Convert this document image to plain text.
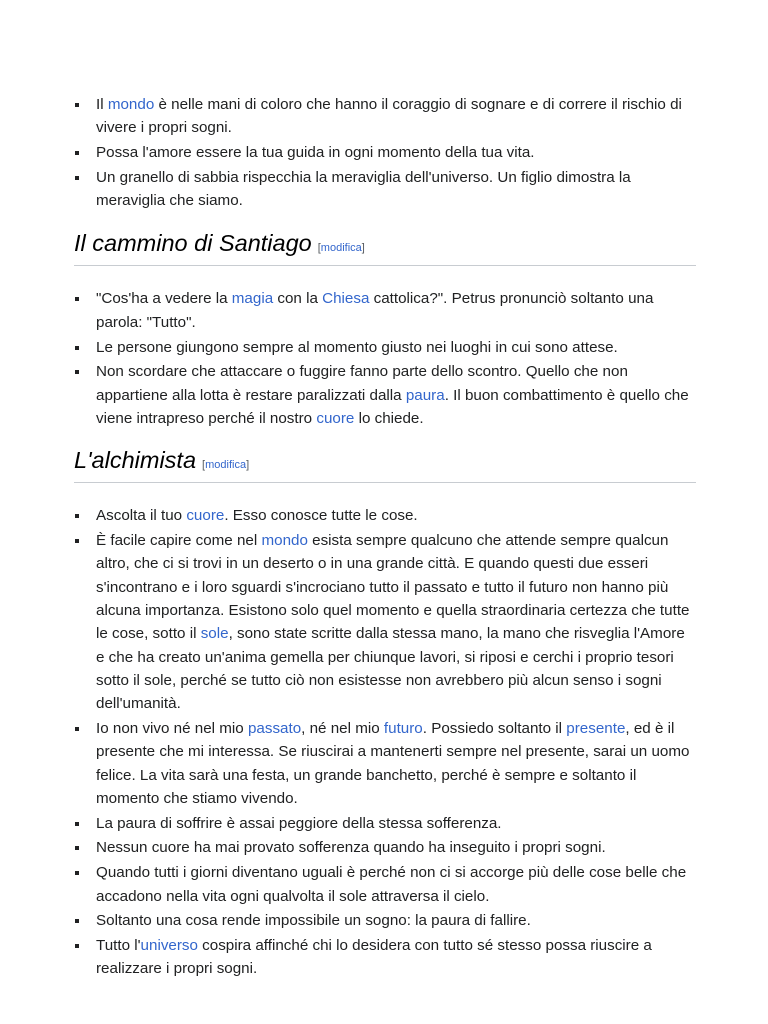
Il mondo è nelle mani di coloro che hanno il coraggio di sognare e di correre il rischio di vivere i propri sogni.
Possa l'amore essere la tua guida in ogni momento della tua vita.
Un granello di sabbia rispecchia la meraviglia dell'universo. Un figlio dimostra la meraviglia che siamo.
Il cammino di Santiago [modifica]
"Cos'ha a vedere la magia con la Chiesa cattolica?". Petrus pronunciò soltanto una parola: "Tutto".
Le persone giungono sempre al momento giusto nei luoghi in cui sono attese.
Non scordare che attaccare o fuggire fanno parte dello scontro. Quello che non appartiene alla lotta è restare paralizzati dalla paura. Il buon combattimento è quello che viene intrapreso perché il nostro cuore lo chiede.
L'alchimista [modifica]
Ascolta il tuo cuore. Esso conosce tutte le cose.
È facile capire come nel mondo esista sempre qualcuno che attende sempre qualcun altro, che ci si trovi in un deserto o in una grande città. E quando questi due esseri s'incontrano e i loro sguardi s'incrociano tutto il passato e tutto il futuro non hanno più alcuna importanza. Esistono solo quel momento e quella straordinaria certezza che tutte le cose, sotto il sole, sono state scritte dalla stessa mano, la mano che risveglia l'Amore e che ha creato un'anima gemella per chiunque lavori, si riposi e cerchi i proprio tesori sotto il sole, perché se tutto ciò non esistesse non avrebbero più alcun senso i sogni dell'umanità.
Io non vivo né nel mio passato, né nel mio futuro. Possiedo soltanto il presente, ed è il presente che mi interessa. Se riuscirai a mantenerti sempre nel presente, sarai un uomo felice. La vita sarà una festa, un grande banchetto, perché è sempre e soltanto il momento che stiamo vivendo.
La paura di soffrire è assai peggiore della stessa sofferenza.
Nessun cuore ha mai provato sofferenza quando ha inseguito i propri sogni.
Quando tutti i giorni diventano uguali è perché non ci si accorge più delle cose belle che accadono nella vita ogni qualvolta il sole attraversa il cielo.
Soltanto una cosa rende impossibile un sogno: la paura di fallire.
Tutto l'universo cospira affinché chi lo desidera con tutto sé stesso possa riuscire a realizzare i propri sogni.
